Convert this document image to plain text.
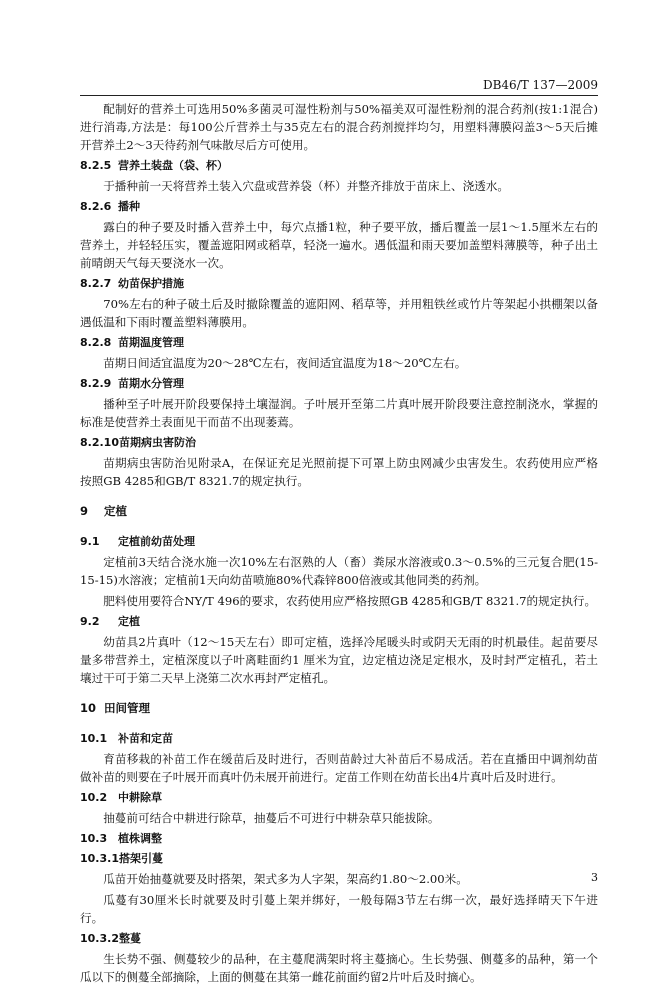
DB46/T 137—2009

配制好的营养土可选用50%多菌灵可湿性粉剂与50%福美双可湿性粉剂的混合药剂(按1:1混合) 进行消毒,方法是：每100公斤营养土与35克左右的混合药剂搅拌均匀，用塑料薄膜闷盖3～5天后摊开营养土2～3天待药剂气味散尽后方可使用。

8.2.5 营养土装盘（袋、杯）

于播种前一天将营养土装入穴盘或营养袋（杯）并整齐排放于苗床上、浇透水。

8.2.6 播种

露白的种子要及时播入营养土中，每穴点播1粒，种子要平放，播后覆盖一层1～1.5厘米左右的营养土，并轻轻压实，覆盖遮阳网或稻草，轻浇一遍水。遇低温和雨天要加盖塑料薄膜等，种子出土前晴朗天气每天要浇水一次。

8.2.7 幼苗保护措施

70%左右的种子破土后及时撤除覆盖的遮阳网、稻草等，并用粗铁丝或竹片等架起小拱棚架以备遇低温和下雨时覆盖塑料薄膜用。

8.2.8 苗期温度管理

苗期日间适宜温度为20～28℃左右，夜间适宜温度为18～20℃左右。

8.2.9 苗期水分管理

播种至子叶展开阶段要保持土壤湿润。子叶展开至第二片真叶展开阶段要注意控制浇水，掌握的标准是使营养土表面见干而苗不出现萎蔫。

8.2.10苗期病虫害防治

苗期病虫害防治见附录A，在保证充足光照前提下可罩上防虫网减少虫害发生。农药使用应严格按照GB 4285和GB/T 8321.7的规定执行。

9 定植
9.1 定植前幼苗处理

定植前3天结合浇水施一次10%左右沤熟的人（畜）粪尿水溶液或0.3～0.5%的三元复合肥(15-15-15)水溶液；定植前1天向幼苗喷施80%代森锌800倍液或其他同类的药剂。

肥料使用要符合NY/T 496的要求，农药使用应严格按照GB 4285和GB/T 8321.7的规定执行。

9.2 定植

幼苗具2片真叶（12～15天左右）即可定植，选择冷尾暖头时或阴天无雨的时机最佳。起苗要尽量多带营养土，定植深度以子叶离畦面约1 厘米为宜，边定植边浇足定根水，及时封严定植孔，若土壤过干可于第二天早上浇第二次水再封严定植孔。

10 田间管理
10.1 补苗和定苗

育苗移栽的补苗工作在缓苗后及时进行，否则苗龄过大补苗后不易成活。若在直播田中调剂幼苗做补苗的则要在子叶展开而真叶仍未展开前进行。定苗工作则在幼苗长出4片真叶后及时进行。

10.2 中耕除草

抽蔓前可结合中耕进行除草，抽蔓后不可进行中耕杂草只能拔除。

10.3 植株调整
10.3.1搭架引蔓

瓜苗开始抽蔓就要及时搭架，架式多为人字架，架高约1.80～2.00米。

瓜蔓有30厘米长时就要及时引蔓上架并绑好，一般每隔3节左右绑一次，最好选择晴天下午进行。

10.3.2整蔓

生长势不强、侧蔓较少的品种，在主蔓爬满架时将主蔓摘心。生长势强、侧蔓多的品种，第一个瓜以下的侧蔓全部摘除，上面的侧蔓在其第一雌花前面约留2片叶后及时摘心。

3
